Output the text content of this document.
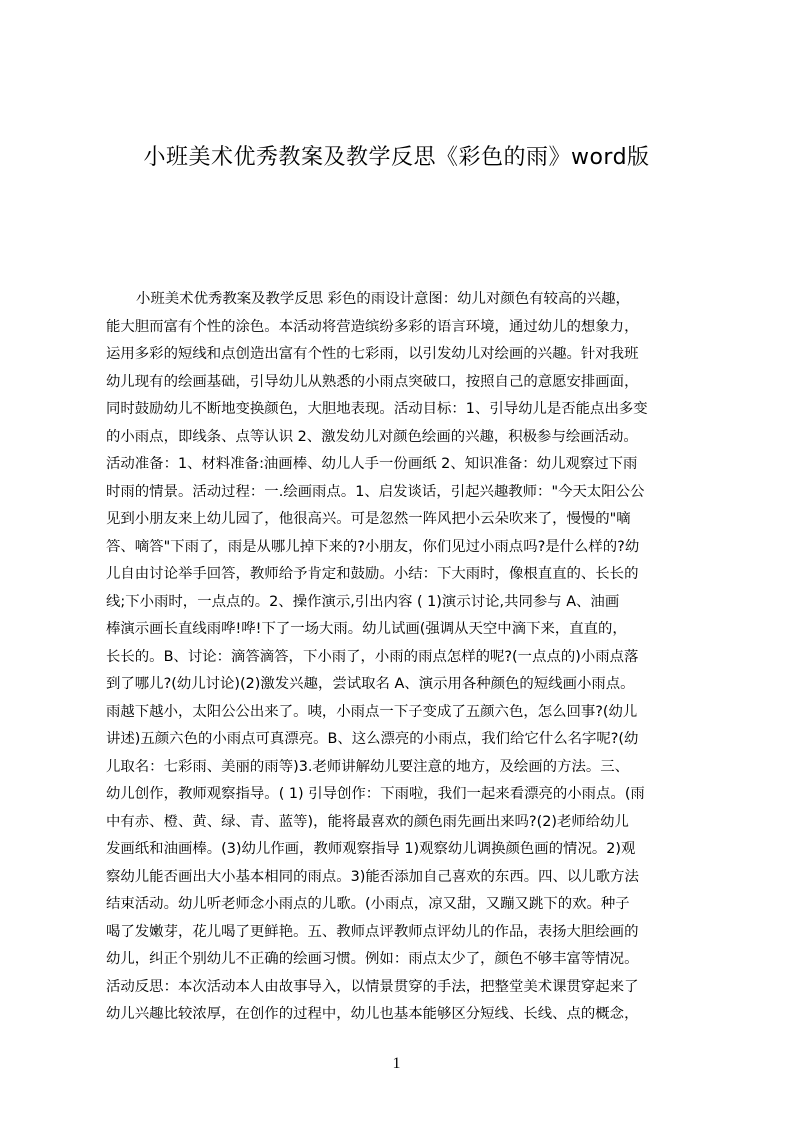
小班美术优秀教案及教学反思《彩色的雨》word版
小班美术优秀教案及教学反思 彩色的雨设计意图：幼儿对颜色有较高的兴趣，
能大胆而富有个性的涂色。本活动将营造缤纷多彩的语言环境，通过幼儿的想象力，
运用多彩的短线和点创造出富有个性的七彩雨，以引发幼儿对绘画的兴趣。针对我班
幼儿现有的绘画基础，引导幼儿从熟悉的小雨点突破口，按照自己的意愿安排画面，
同时鼓励幼儿不断地变换颜色，大胆地表现。活动目标：1、引导幼儿是否能点出多变
的小雨点，即线条、点等认识 2、激发幼儿对颜色绘画的兴趣，积极参与绘画活动。
活动准备：1、材料准备:油画棒、幼儿人手一份画纸 2、知识准备：幼儿观察过下雨
时雨的情景。活动过程：一.绘画雨点。1、启发谈话，引起兴趣教师："今天太阳公公
见到小朋友来上幼儿园了，他很高兴。可是忽然一阵风把小云朵吹来了，慢慢的"嘀
答、嘀答"下雨了，雨是从哪儿掉下来的?小朋友，你们见过小雨点吗?是什么样的?幼
儿自由讨论举手回答，教师给予肯定和鼓励。小结：下大雨时，像根直直的、长长的
线;下小雨时，一点点的。2、操作演示,引出内容 ( 1)演示讨论,共同参与 A、油画
棒演示画长直线雨哗!哗!下了一场大雨。幼儿试画(强调从天空中滴下来，直直的，
长长的。B、讨论：滴答滴答，下小雨了，小雨的雨点怎样的呢?(一点点的)小雨点落
到了哪儿?(幼儿讨论)(2)激发兴趣，尝试取名 A、演示用各种颜色的短线画小雨点。
雨越下越小，太阳公公出来了。咦，小雨点一下子变成了五颜六色，怎么回事?(幼儿
讲述)五颜六色的小雨点可真漂亮。B、这么漂亮的小雨点，我们给它什么名字呢?(幼
儿取名：七彩雨、美丽的雨等)3.老师讲解幼儿要注意的地方，及绘画的方法。三、
幼儿创作，教师观察指导。( 1) 引导创作：下雨啦，我们一起来看漂亮的小雨点。(雨
中有赤、橙、黄、绿、青、蓝等)，能将最喜欢的颜色雨先画出来吗?(2)老师给幼儿
发画纸和油画棒。(3)幼儿作画，教师观察指导 1)观察幼儿调换颜色画的情况。2)观
察幼儿能否画出大小基本相同的雨点。3)能否添加自己喜欢的东西。四、以儿歌方法
结束活动。幼儿听老师念小雨点的儿歌。(小雨点，凉又甜，又蹦又跳下的欢。种子
喝了发嫩芽，花儿喝了更鲜艳。五、教师点评教师点评幼儿的作品，表扬大胆绘画的
幼儿，纠正个别幼儿不正确的绘画习惯。例如：雨点太少了，颜色不够丰富等情况。
活动反思：本次活动本人由故事导入，以情景贯穿的手法，把整堂美术课贯穿起来了
幼儿兴趣比较浓厚，在创作的过程中，幼儿也基本能够区分短线、长线、点的概念，
1
